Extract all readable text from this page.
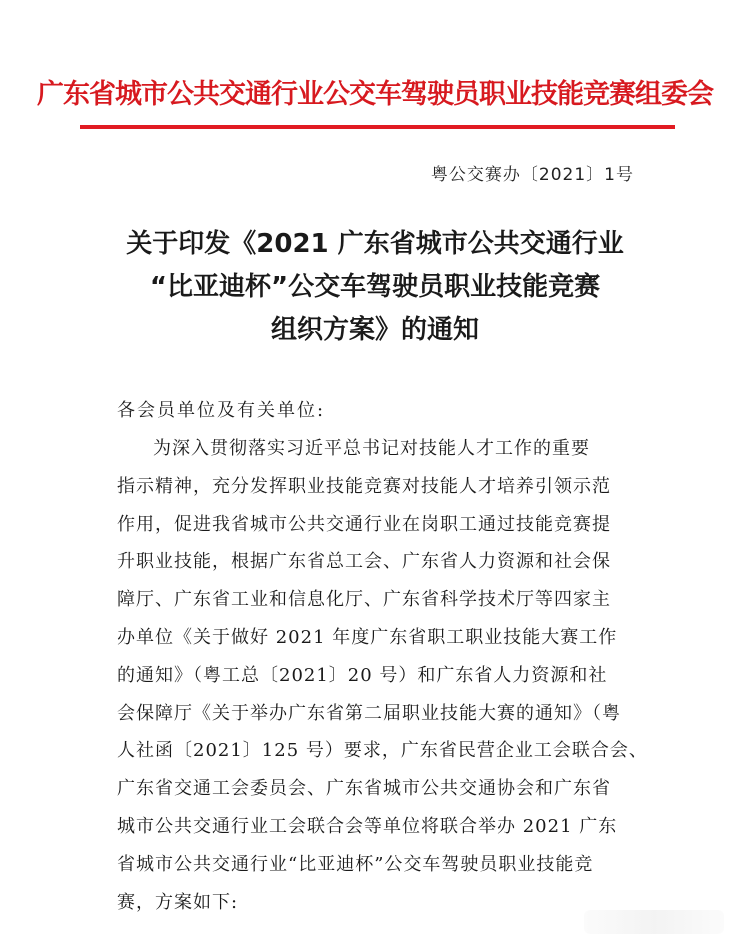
广东省城市公共交通行业公交车驾驶员职业技能竞赛组委会
粤公交赛办〔2021〕1号
关于印发《2021 广东省城市公共交通行业
“比亚迪杯”公交车驾驶员职业技能竞赛
组织方案》的通知
各会员单位及有关单位:
为深入贯彻落实习近平总书记对技能人才工作的重要
指示精神，充分发挥职业技能竞赛对技能人才培养引领示范
作用，促进我省城市公共交通行业在岗职工通过技能竞赛提
升职业技能，根据广东省总工会、广东省人力资源和社会保
障厅、广东省工业和信息化厅、广东省科学技术厅等四家主
办单位《关于做好 2021 年度广东省职工职业技能大赛工作
的通知》（粤工总〔2021〕20 号）和广东省人力资源和社
会保障厅《关于举办广东省第二届职业技能大赛的通知》（粤
人社函〔2021〕125 号）要求，广东省民营企业工会联合会、
广东省交通工会委员会、广东省城市公共交通协会和广东省
城市公共交通行业工会联合会等单位将联合举办 2021 广东
省城市公共交通行业“比亚迪杯”公交车驾驶员职业技能竞
赛，方案如下:
